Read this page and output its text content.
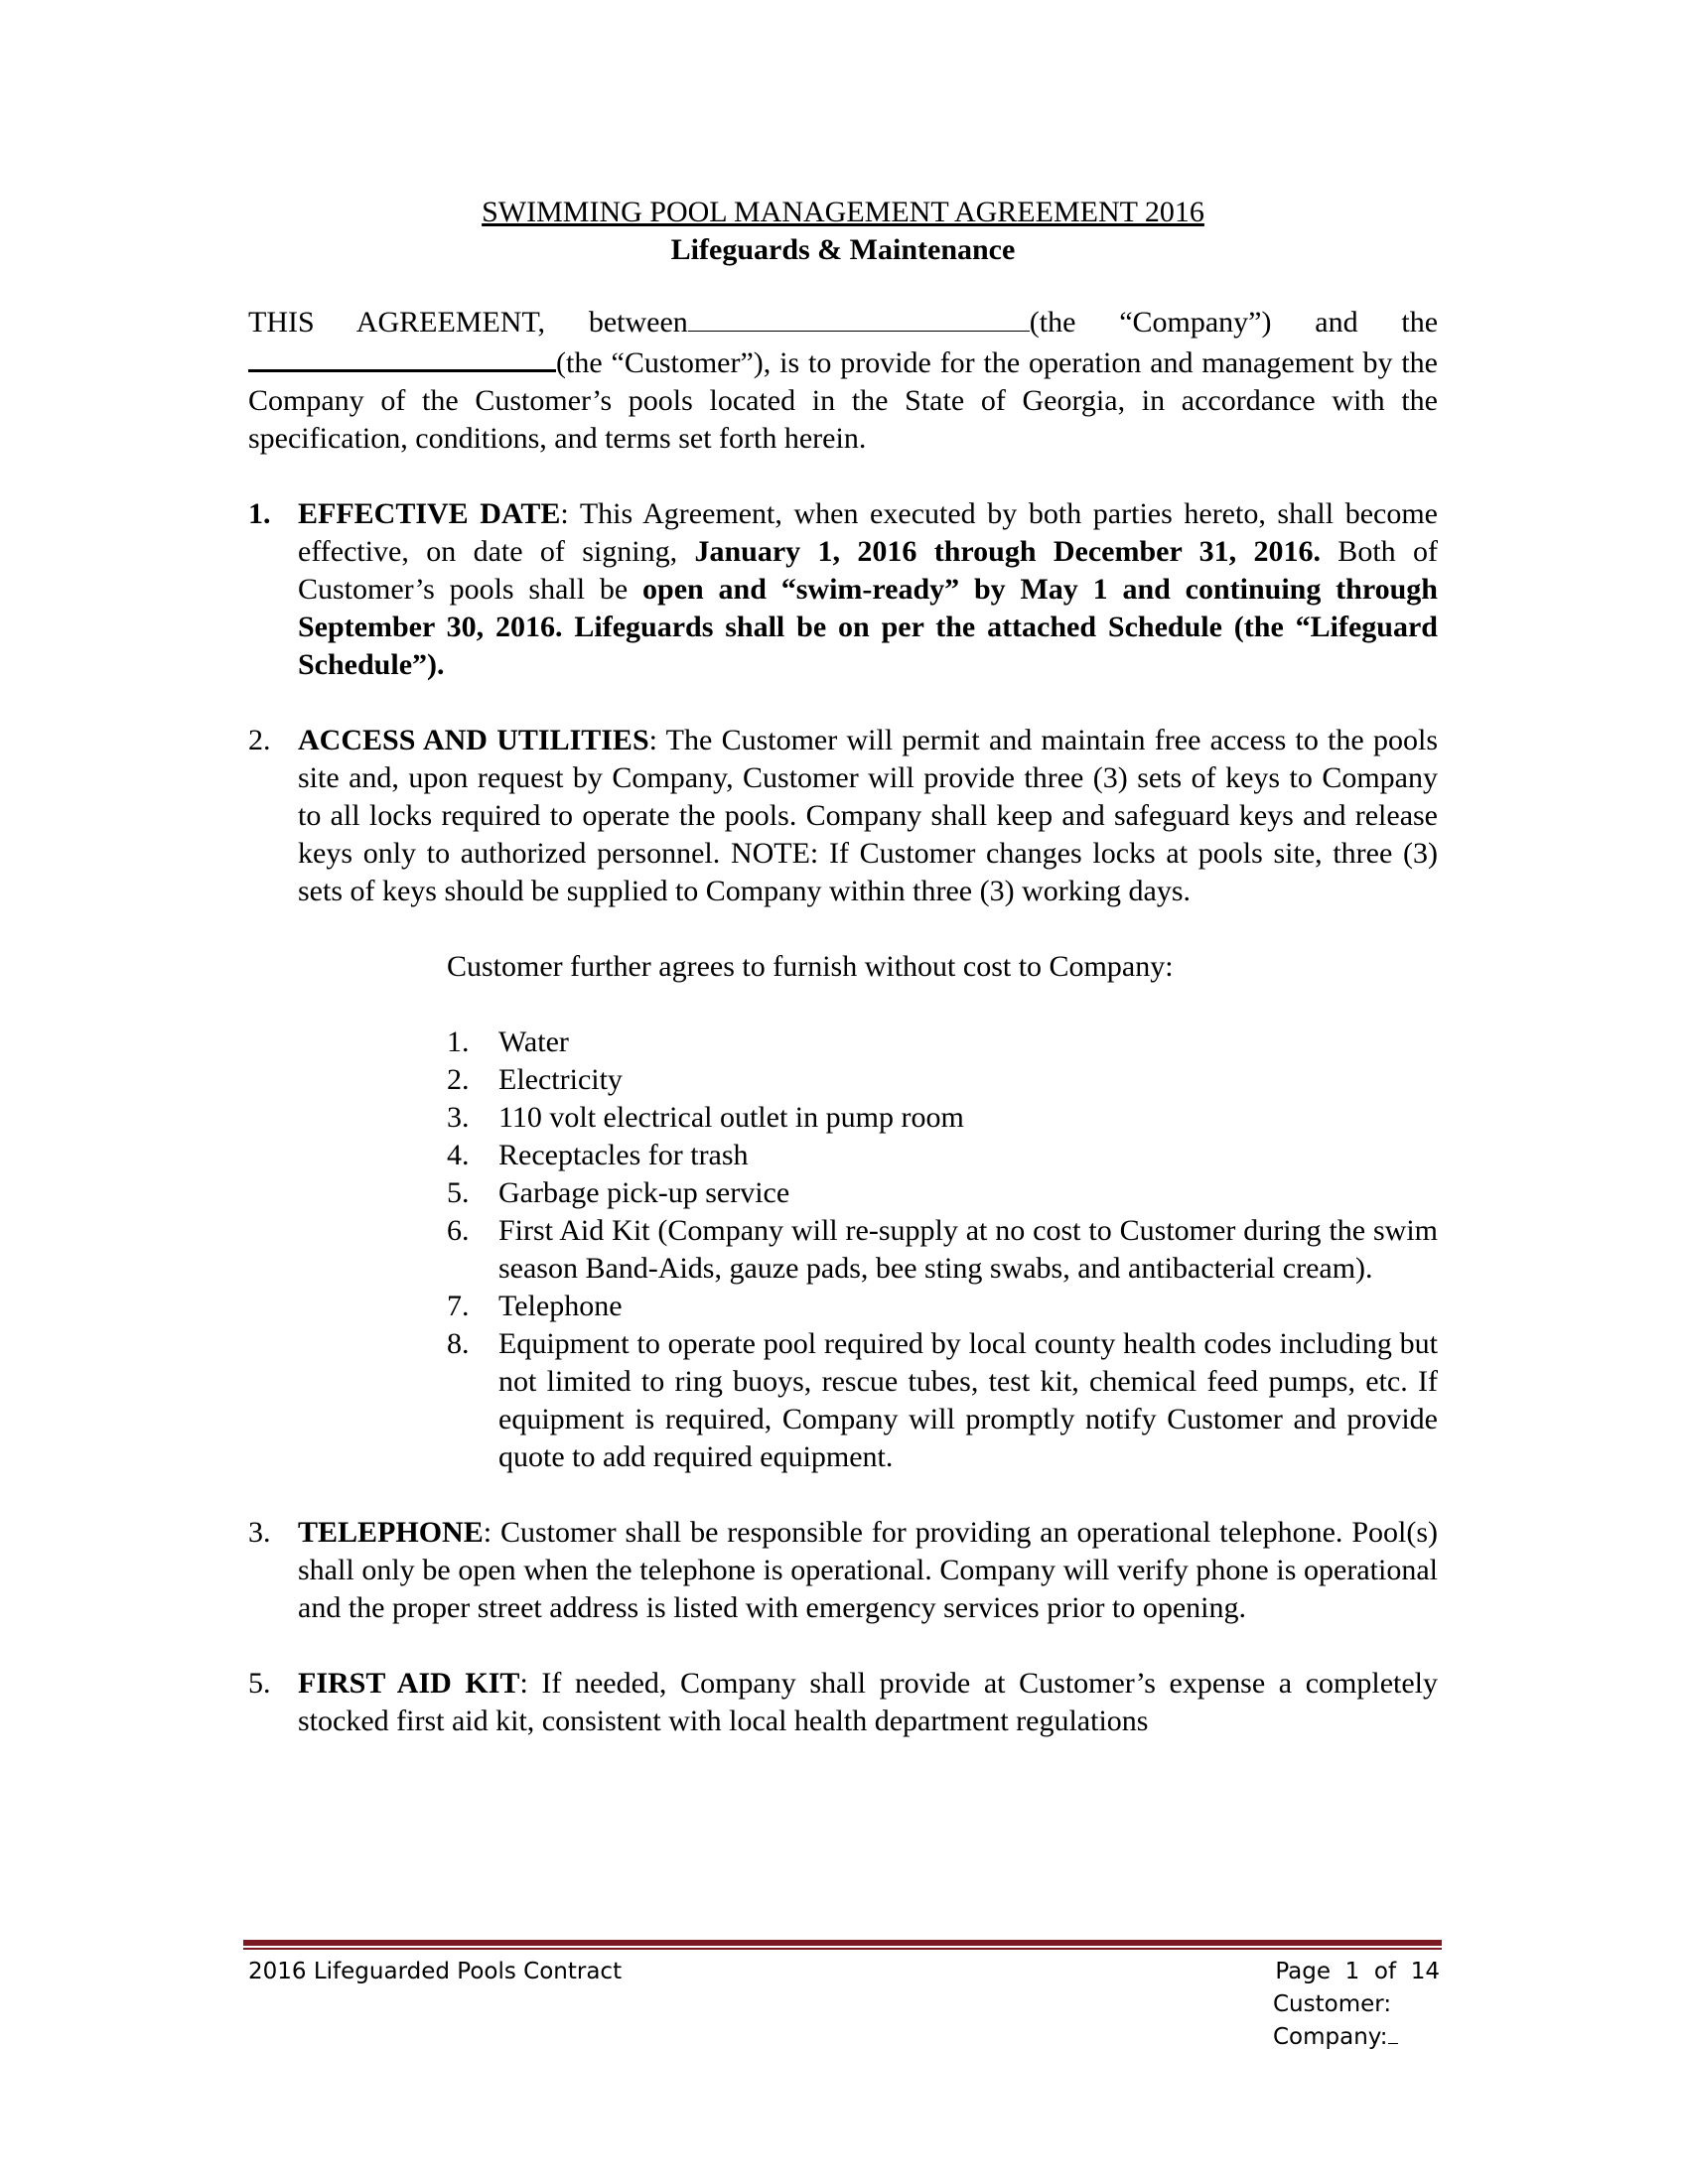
SWIMMING POOL MANAGEMENT AGREEMENT 2016
Lifeguards & Maintenance

THIS AGREEMENT, between	(the “Company”) and the(the “Customer”), is to provide for the operation and management by the Company of the Customer’s pools located in the State of Georgia, in accordance with the specification, conditions, and terms set forth herein.

1. EFFECTIVE DATE: This Agreement, when executed by both parties hereto, shall become effective, on date of signing, January 1, 2016 through December 31, 2016. Both of Customer’s pools shall be open and “swim-ready” by May 1 and continuing through September 30, 2016. Lifeguards shall be on per the attached Schedule (the “Lifeguard Schedule”).
2. ACCESS AND UTILITIES: The Customer will permit and maintain free access to the pools site and, upon request by Company, Customer will provide three (3) sets of keys to Company to all locks required to operate the pools. Company shall keep and safeguard keys and release keys only to authorized personnel. NOTE: If Customer changes locks at pools site, three (3) sets of keys should be supplied to Company within three (3) working days.

Customer further agrees to furnish without cost to Company:

1. Water
2. Electricity
3. 110 volt electrical outlet in pump room
4. Receptacles for trash
5. Garbage pick-up service
6. First Aid Kit (Company will re-supply at no cost to Customer during the swim season Band-Aids, gauze pads, bee sting swabs, and antibacterial cream).
7. Telephone
8. Equipment to operate pool required by local county health codes including but not limited to ring buoys, rescue tubes, test kit, chemical feed pumps, etc. If equipment is required, Company will promptly notify Customer and provide quote to add required equipment.
3. TELEPHONE: Customer shall be responsible for providing an operational telephone. Pool(s) shall only be open when the telephone is operational. Company will verify phone is operational and the proper street address is listed with emergency services prior to opening.
5. FIRST AID KIT: If needed, Company shall provide at Customer’s expense a completely stocked first aid kit, consistent with local health department regulations
2016 Lifeguarded Pools Contract	Page 1 of 14
Customer:
Company:
